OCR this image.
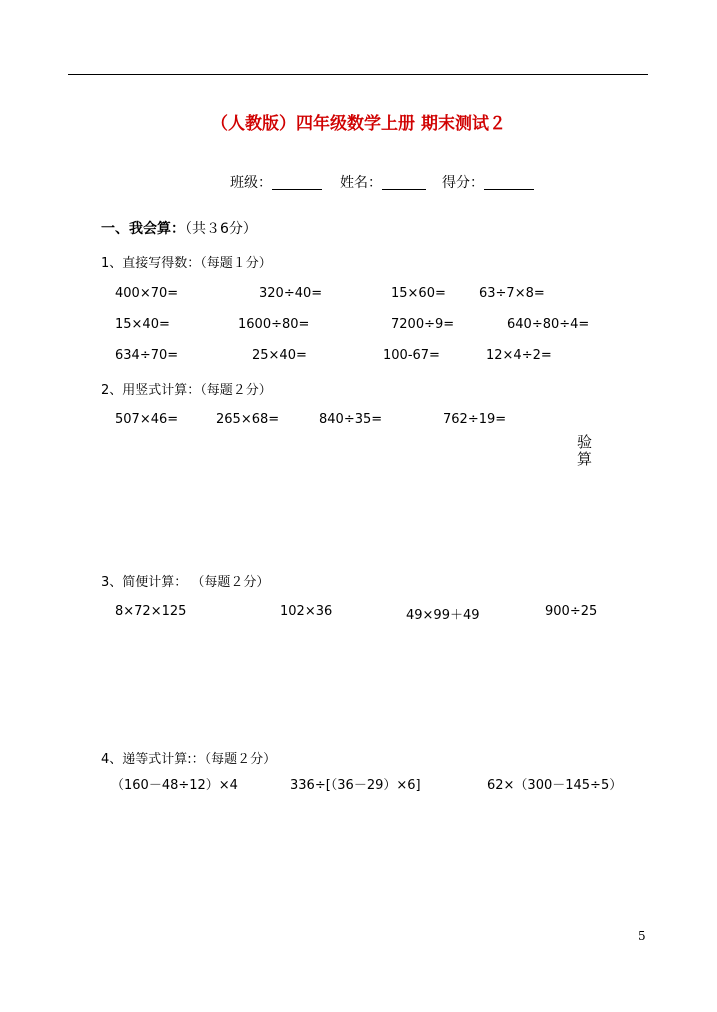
（人教版）四年级数学上册 期末测试２
班级：	姓名：	得分：
一、我会算：（共３6分）
1、直接写得数：（每题１分）
400×70=	320÷40=	15×60=	63÷7×8=
15×40=	1600÷80=	7200÷9=	640÷80÷4=
634÷70=	25×40=	100-67=	12×4÷2=
2、用竖式计算：（每题２分）
507×46=	265×68=	840÷35=	762÷19=
验算
3、简便计算： （每题２分）
8×72×125	102×36	49×99＋49	900÷25
4、递等式计算:：（每题２分）
（160－48÷12）×4	336÷[（36－29）×6]	62×（300－145÷5）
5
